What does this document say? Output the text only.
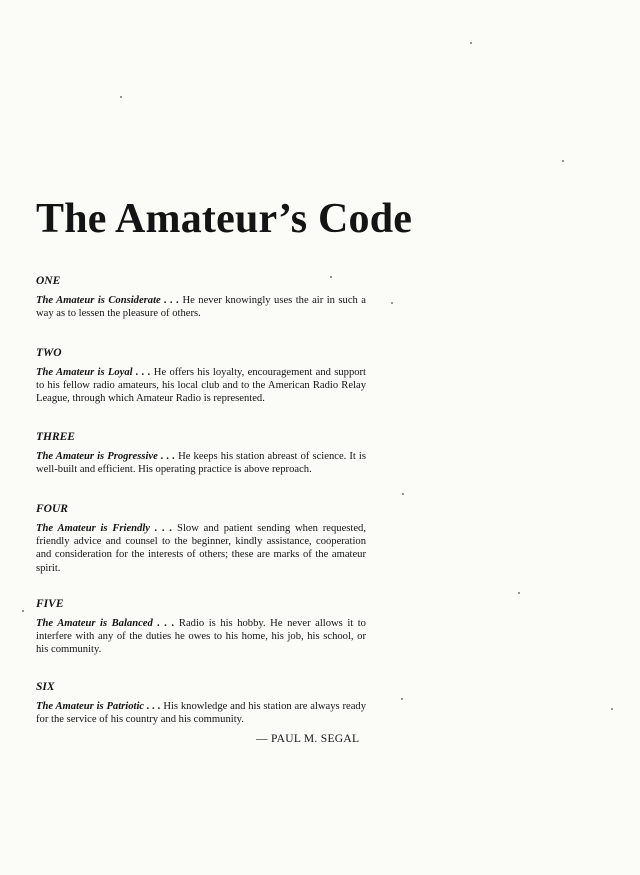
The Amateur’s Code

ONE

The Amateur is Considerate . . . He never knowingly uses the air in such a way as to lessen the pleasure of others.

TWO

The Amateur is Loyal . . . He offers his loyalty, encouragement and support to his fellow radio amateurs, his local club and to the American Radio Relay League, through which Amateur Radio is represented.

THREE

The Amateur is Progressive . . . He keeps his station abreast of science. It is well-built and efficient. His operating practice is above reproach.

FOUR

The Amateur is Friendly . . . Slow and patient sending when requested, friendly advice and counsel to the beginner, kindly assistance, cooperation and consideration for the interests of others; these are marks of the amateur spirit.

FIVE

The Amateur is Balanced . . . Radio is his hobby. He never allows it to interfere with any of the duties he owes to his home, his job, his school, or his community.

SIX

The Amateur is Patriotic . . . His knowledge and his station are always ready for the service of his country and his community.

— PAUL M. SEGAL
